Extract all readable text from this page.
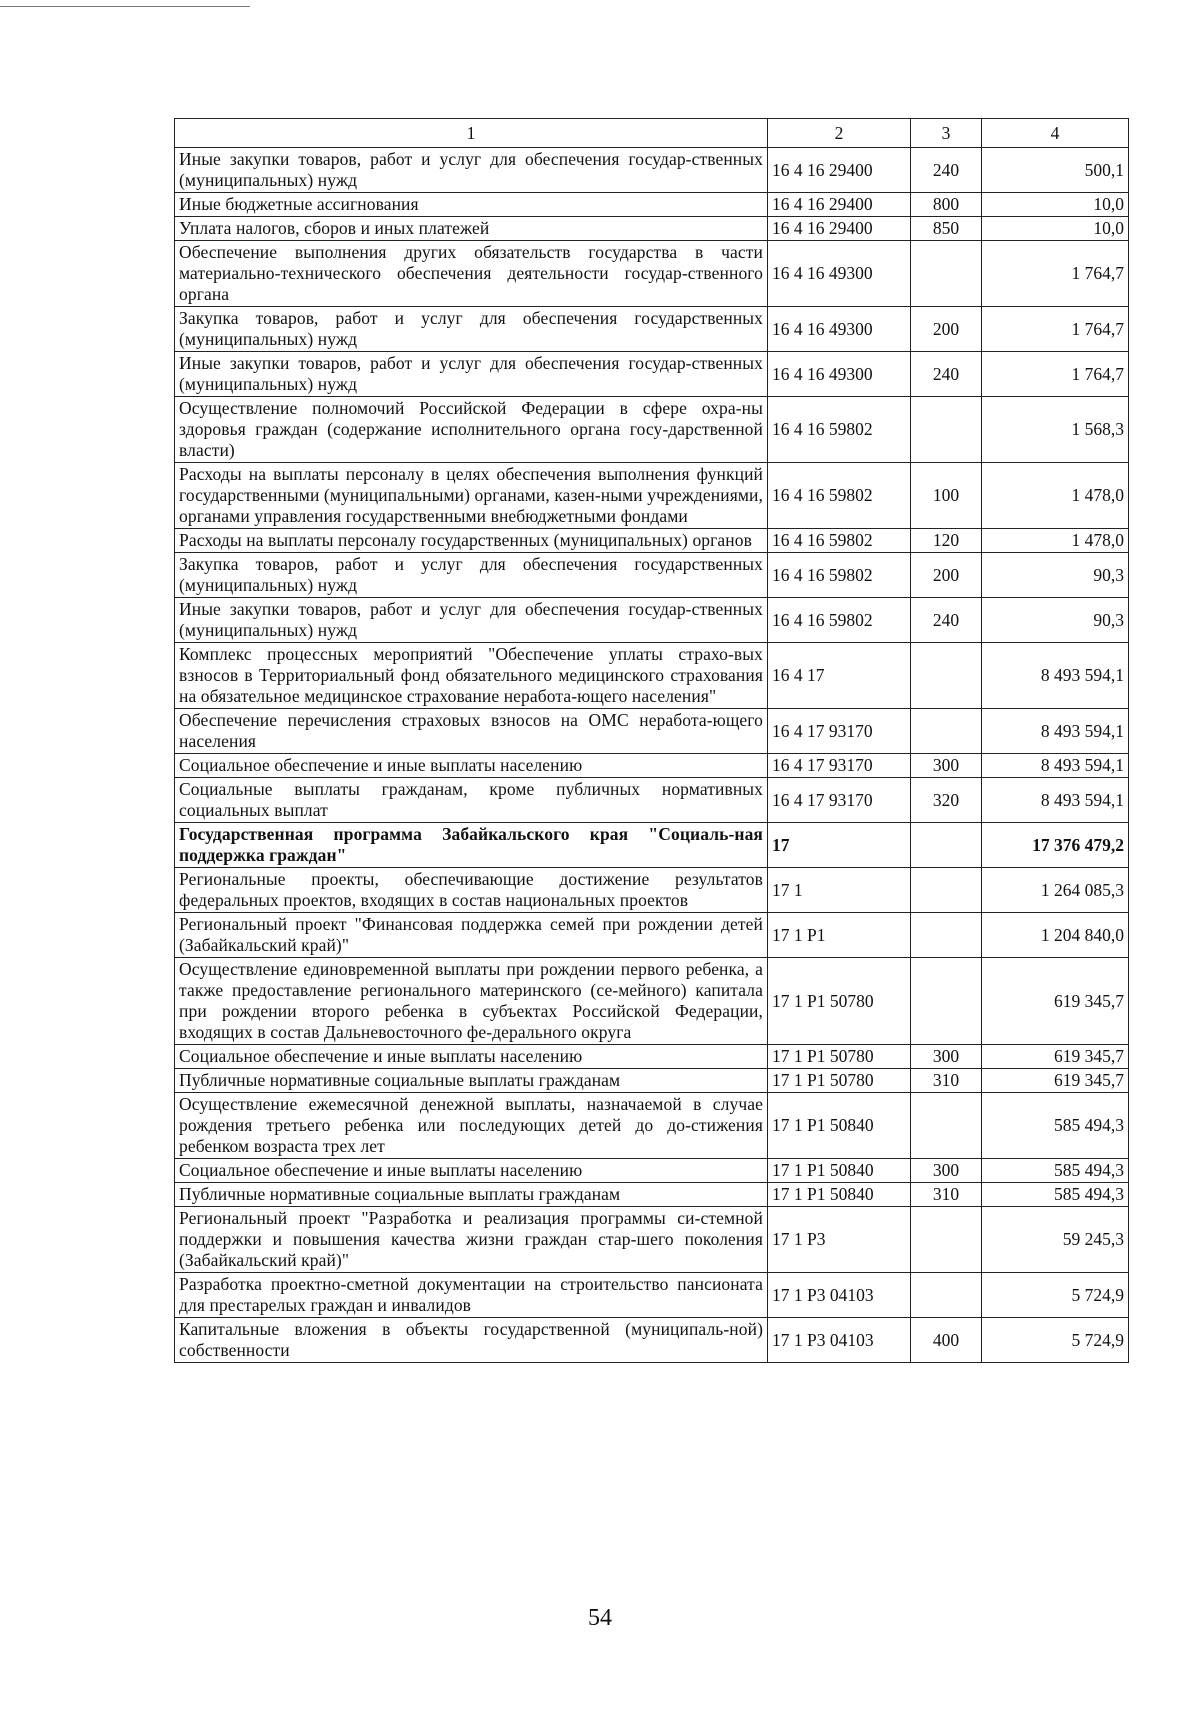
1	2	3	4
Иные закупки товаров, работ и услуг для обеспечения государ-ственных (муниципальных) нужд	16 4 16 29400	240	500,1
Иные бюджетные ассигнования	16 4 16 29400	800	10,0
Уплата налогов, сборов и иных платежей	16 4 16 29400	850	10,0
Обеспечение выполнения других обязательств государства в части материально-технического обеспечения деятельности государ-ственного органа	16 4 16 49300		1 764,7
Закупка товаров, работ и услуг для обеспечения государственных (муниципальных) нужд	16 4 16 49300	200	1 764,7
Иные закупки товаров, работ и услуг для обеспечения государ-ственных (муниципальных) нужд	16 4 16 49300	240	1 764,7
Осуществление полномочий Российской Федерации в сфере охра-ны здоровья граждан (содержание исполнительного органа госу-дарственной власти)	16 4 16 59802		1 568,3
Расходы на выплаты персоналу в целях обеспечения выполнения функций государственными (муниципальными) органами, казен-ными учреждениями, органами управления государственными внебюджетными фондами	16 4 16 59802	100	1 478,0
Расходы на выплаты персоналу государственных (муниципальных) органов	16 4 16 59802	120	1 478,0
Закупка товаров, работ и услуг для обеспечения государственных (муниципальных) нужд	16 4 16 59802	200	90,3
Иные закупки товаров, работ и услуг для обеспечения государ-ственных (муниципальных) нужд	16 4 16 59802	240	90,3
Комплекс процессных мероприятий "Обеспечение уплаты страхо-вых взносов в Территориальный фонд обязательного медицинского страхования на обязательное медицинское страхование неработа-ющего населения"	16 4 17		8 493 594,1
Обеспечение перечисления страховых взносов на ОМС неработа-ющего населения	16 4 17 93170		8 493 594,1
Социальное обеспечение и иные выплаты населению	16 4 17 93170	300	8 493 594,1
Социальные выплаты гражданам, кроме публичных нормативных социальных выплат	16 4 17 93170	320	8 493 594,1
Государственная программа Забайкальского края "Социаль-ная поддержка граждан"	17		17 376 479,2
Региональные проекты, обеспечивающие достижение результатов федеральных проектов, входящих в состав национальных проектов	17 1		1 264 085,3
Региональный проект "Финансовая поддержка семей при рождении детей (Забайкальский край)"	17 1 Р1		1 204 840,0
Осуществление единовременной выплаты при рождении первого ребенка, а также предоставление регионального материнского (се-мейного) капитала при рождении второго ребенка в субъектах Российской Федерации, входящих в состав Дальневосточного фе-дерального округа	17 1 Р1 50780		619 345,7
Социальное обеспечение и иные выплаты населению	17 1 Р1 50780	300	619 345,7
Публичные нормативные социальные выплаты гражданам	17 1 Р1 50780	310	619 345,7
Осуществление ежемесячной денежной выплаты, назначаемой в случае рождения третьего ребенка или последующих детей до до-стижения ребенком возраста трех лет	17 1 Р1 50840		585 494,3
Социальное обеспечение и иные выплаты населению	17 1 Р1 50840	300	585 494,3
Публичные нормативные социальные выплаты гражданам	17 1 Р1 50840	310	585 494,3
Региональный проект "Разработка и реализация программы си-стемной поддержки и повышения качества жизни граждан стар-шего поколения (Забайкальский край)"	17 1 Р3		59 245,3
Разработка проектно-сметной документации на строительство пансионата для престарелых граждан и инвалидов	17 1 Р3 04103		5 724,9
Капитальные вложения в объекты государственной (муниципаль-ной) собственности	17 1 Р3 04103	400	5 724,9
54
